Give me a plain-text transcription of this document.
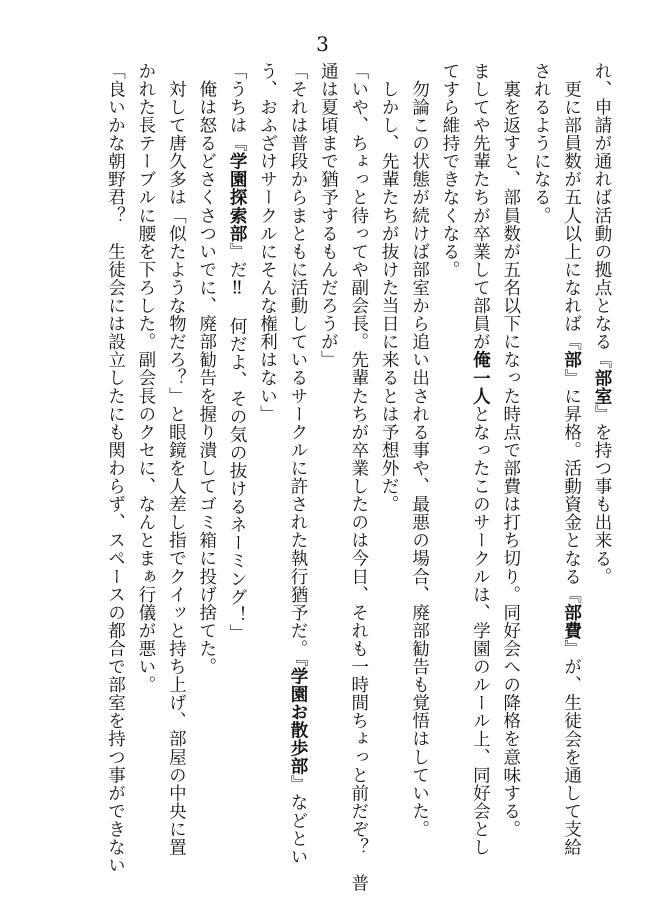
3
れ、申請が通れば活動の拠点となる『部室』を持つ事も出来る。
　更に部員数が五人以上になれば『部』に昇格。活動資金となる『部費』が、生徒会を通して支給
されるようになる。
　裏を返すと、部員数が五名以下になった時点で部費は打ち切り。同好会への降格を意味する。
ましてや先輩たちが卒業して部員が俺一人となったこのサークルは、学園のルール上、同好会とし
てすら維持できなくなる。
　勿論この状態が続けば部室から追い出される事や、最悪の場合、廃部勧告も覚悟はしていた。
　しかし、先輩たちが抜けた当日に来るとは予想外だ。
「いや、ちょっと待ってや副会長。先輩たちが卒業したのは今日、それも一時間ちょっと前だぞ？　普
通は夏頃まで猶予するもんだろうが」
「それは普段からまともに活動しているサークルに許された執行猶予だ。『学園お散歩部』などとい
う、おふざけサークルにそんな権利はない」
「うちは『学園探索部』だ‼　何だよ、その気の抜けるネーミング！」
　俺は怒るどさくさついでに、廃部勧告を握り潰してゴミ箱に投げ捨てた。
　対して唐久多は「似たような物だろ？」と眼鏡を人差し指でクイッと持ち上げ、部屋の中央に置
かれた長テーブルに腰を下ろした。副会長のクセに、なんとまぁ行儀が悪い。
「良いかな朝野君？　生徒会には設立したにも関わらず、スペースの都合で部室を持つ事ができない
